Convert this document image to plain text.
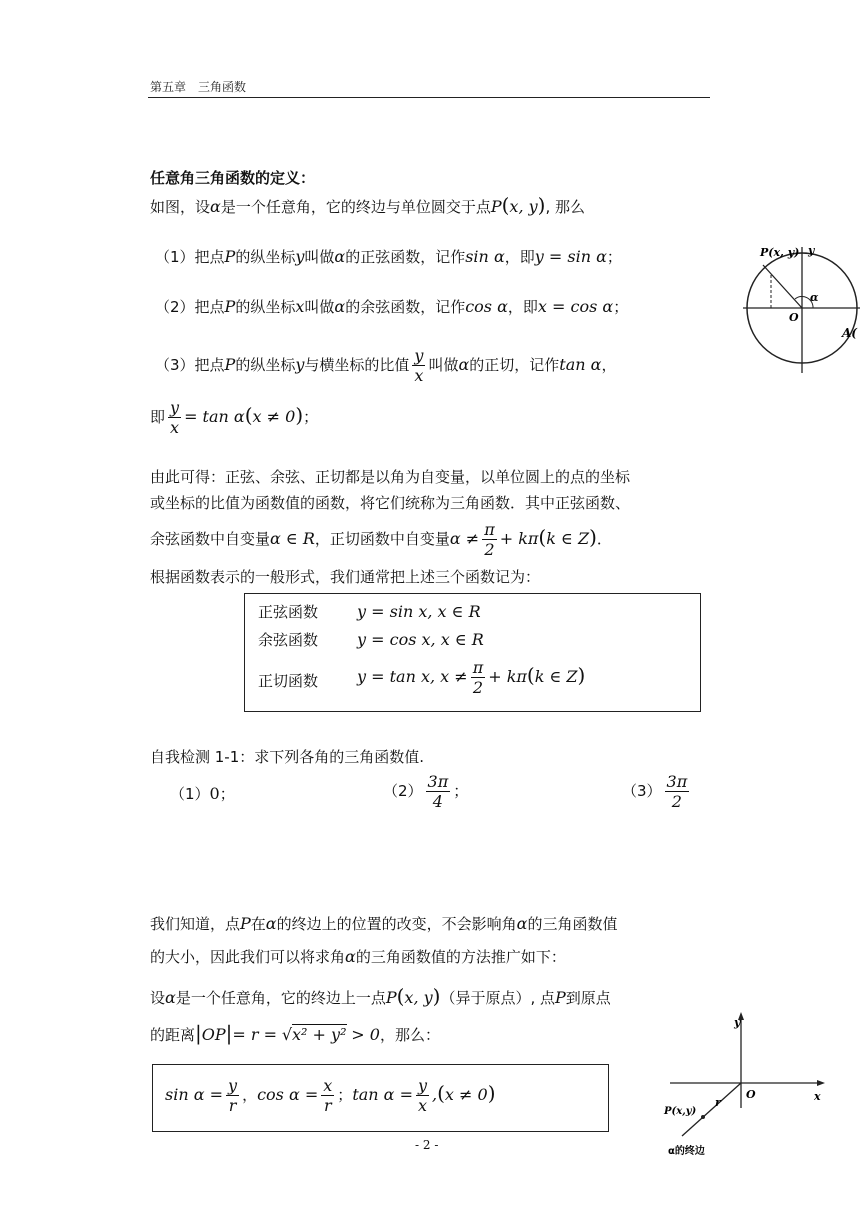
第五章　三角函数
任意角三角函数的定义：
如图，设α是一个任意角，它的终边与单位圆交于点P(x, y), 那么
（1）把点P的纵坐标y叫做α的正弦函数，记作sin α，即y = sin α；
（2）把点P的纵坐标x叫做α的余弦函数，记作cos α，即x = cos α；
（3）把点P的纵坐标y与横坐标的比值 $\frac{y}{x}$ 叫做α的正切，记作tan α，
即 $\frac{y}{x} = \tan \alpha(x \ne 0)$；
P(x, y) y
α
O
A(
由此可得：正弦、余弦、正切都是以角为自变量，以单位圆上的点的坐标
或坐标的比值为函数值的函数，将它们统称为三角函数．其中正弦函数、
余弦函数中自变量α ∈ R，正切函数中自变量$\alpha \ne \frac{\pi}{2} + k\pi(k$ ∈ Z)．
根据函数表示的一般形式，我们通常把上述三个函数记为：
正弦函数 y = sin x, x ∈ R
余弦函数 y = cos x, x ∈ R
正切函数 y = tan x, $x \ne \frac{\pi}{2} + k\pi(k$ ∈ Z)
自我检测 1-1：求下列各角的三角函数值.
（1）0；	$(2) \frac{3\pi}{4}$ ；	$(3) \frac{3\pi}{2}$
我们知道，点P在α的终边上的位置的改变，不会影响角α的三角函数值
的大小，因此我们可以将求角α的三角函数值的方法推广如下：
设α是一个任意角，它的终边上一点P(x, y)（异于原点）, 点P到原点
的距离|OP|= r = √x² + y² > 0，那么：
$\sin \alpha = \frac{y}{r}$ ，$\cos \alpha = \frac{x}{r}$ ；$\tan \alpha = \frac{y}{x} ,(x \ne 0)$
y
x
O
r
P(x,y)
α的终边
- 2 -
